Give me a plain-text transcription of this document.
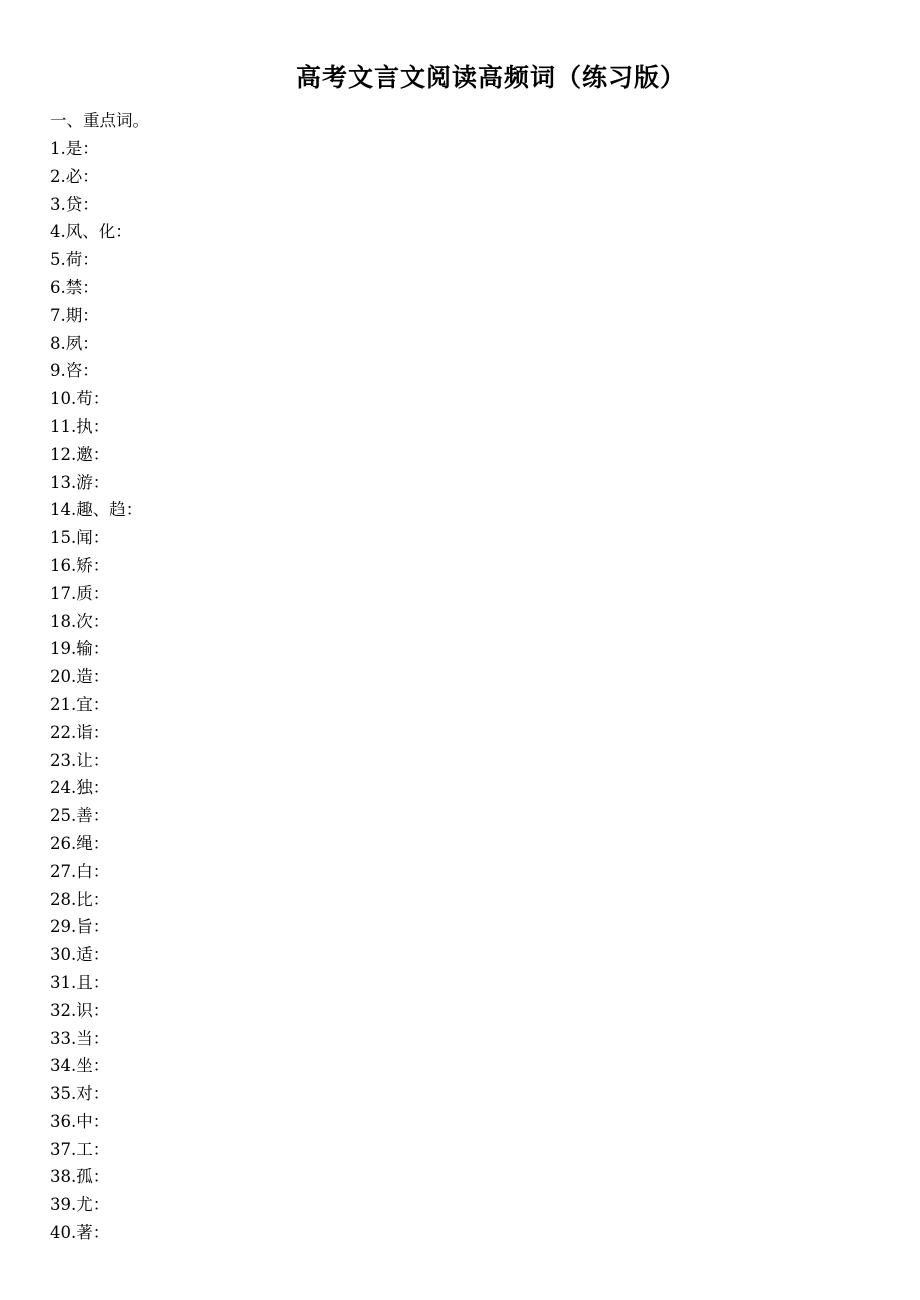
高考文言文阅读高频词（练习版）
一、重点词。
1.是：
2.必：
3.贷：
4.风、化：
5.荷：
6.禁：
7.期：
8.夙：
9.咨：
10.苟：
11.执：
12.邀：
13.游：
14.趣、趋：
15.闻：
16.矫：
17.质：
18.次：
19.输：
20.造：
21.宜：
22.诣：
23.让：
24.独：
25.善：
26.绳：
27.白：
28.比：
29.旨：
30.适：
31.且：
32.识：
33.当：
34.坐：
35.对：
36.中：
37.工：
38.孤：
39.尤：
40.著：
